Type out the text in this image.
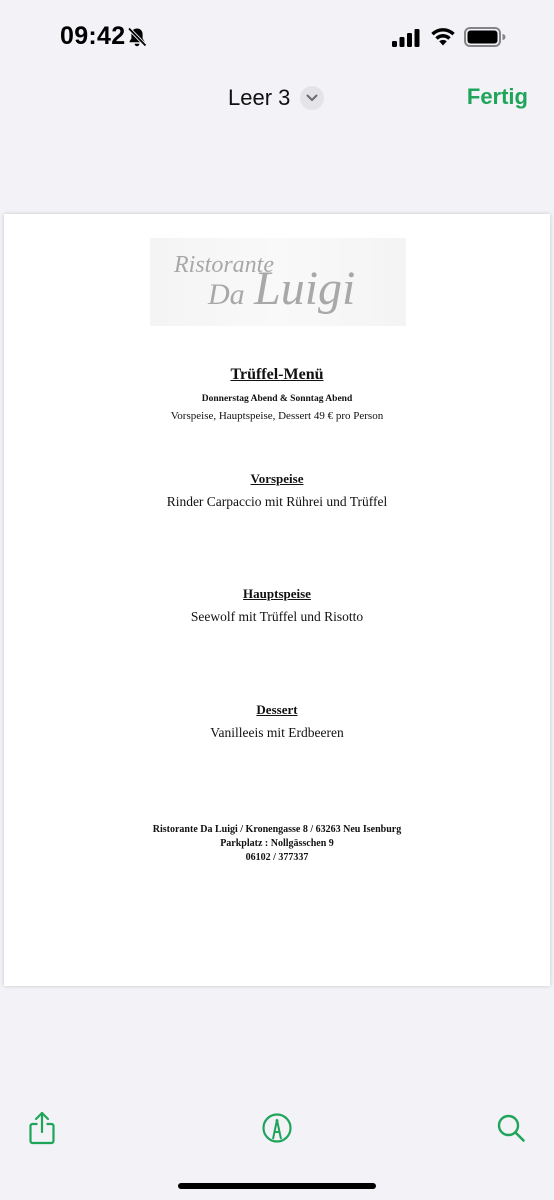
09:42
Leer 3	Fertig
Ristorante
Da Luigi
Trüffel-Menü
Donnerstag Abend & Sonntag Abend
Vorspeise, Hauptspeise, Dessert 49 € pro Person
Vorspeise
Rinder Carpaccio mit Rührei und Trüffel
Hauptspeise
Seewolf mit Trüffel und Risotto
Dessert
Vanilleeis mit Erdbeeren
Ristorante Da Luigi / Kronengasse 8 / 63263 Neu Isenburg
Parkplatz : Nollgässchen 9
06102 / 377337
